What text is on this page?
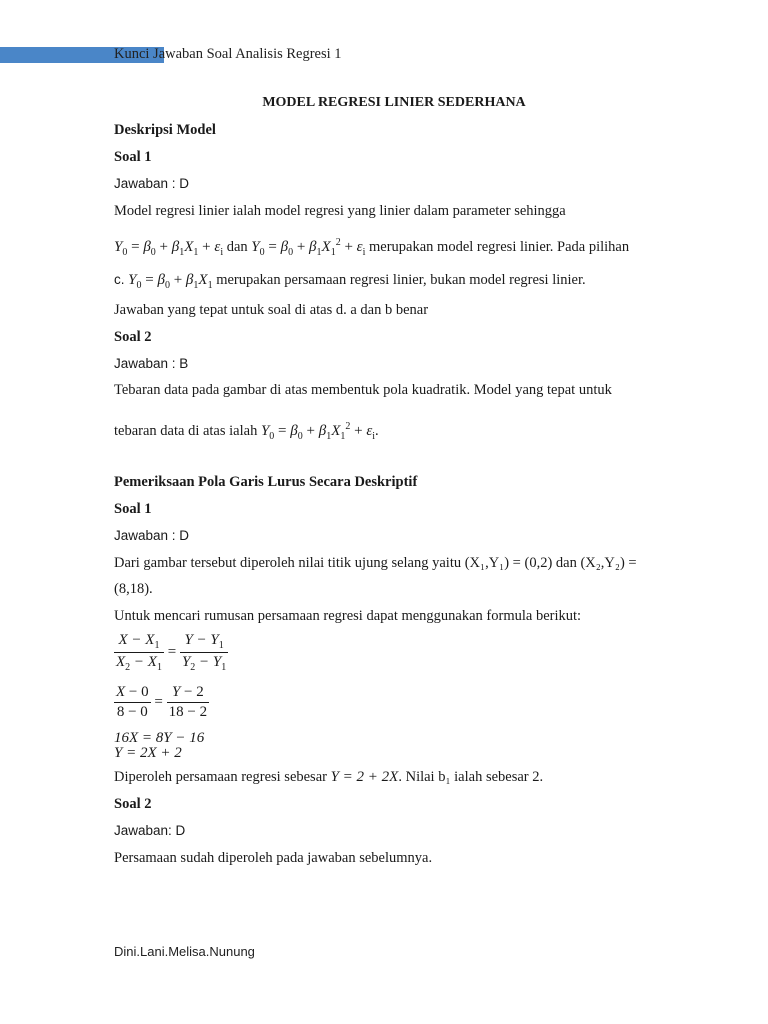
Kunci Jawaban Soal Analisis Regresi 1
MODEL REGRESI LINIER SEDERHANA
Deskripsi Model
Soal 1
Jawaban : D
Model regresi linier ialah model regresi yang linier dalam parameter sehingga
$Y_0 = \beta_0 + \beta_1X_1 + \varepsilon_i$ dan $Y_0 = \beta_0 + \beta_1X_1^2 + \varepsilon_i$ merupakan model regresi linier. Pada pilihan
c. $Y_0 = \beta_0 + \beta_1X_1$ merupakan persamaan regresi linier, bukan model regresi linier.
Jawaban yang tepat untuk soal di atas d. a dan b benar
Soal 2
Jawaban : B
Tebaran data pada gambar di atas membentuk pola kuadratik. Model yang tepat untuk
tebaran data di atas ialah $Y_0 = \beta_0 + \beta_1X_1^2 + \varepsilon_i$.
Pemeriksaan Pola Garis Lurus Secara Deskriptif
Soal 1
Jawaban : D
Dari gambar tersebut diperoleh nilai titik ujung selang yaitu (X₁,Y₁) = (0,2) dan (X₂,Y₂) =
(8,18).
Untuk mencari rumusan persamaan regresi dapat menggunakan formula berikut:
$\frac{X - X_1}{X_2 - X_1} = \frac{Y - Y_1}{Y_2 - Y_1}$
$\frac{X - 0}{8 - 0} = \frac{Y - 2}{18 - 2}$
16X = 8Y − 16
Y = 2X + 2
Diperoleh persamaan regresi sebesar Y = 2 + 2X. Nilai b₁ ialah sebesar 2.
Soal 2
Jawaban: D
Persamaan sudah diperoleh pada jawaban sebelumnya.
Dini.Lani.Melisa.Nunung
